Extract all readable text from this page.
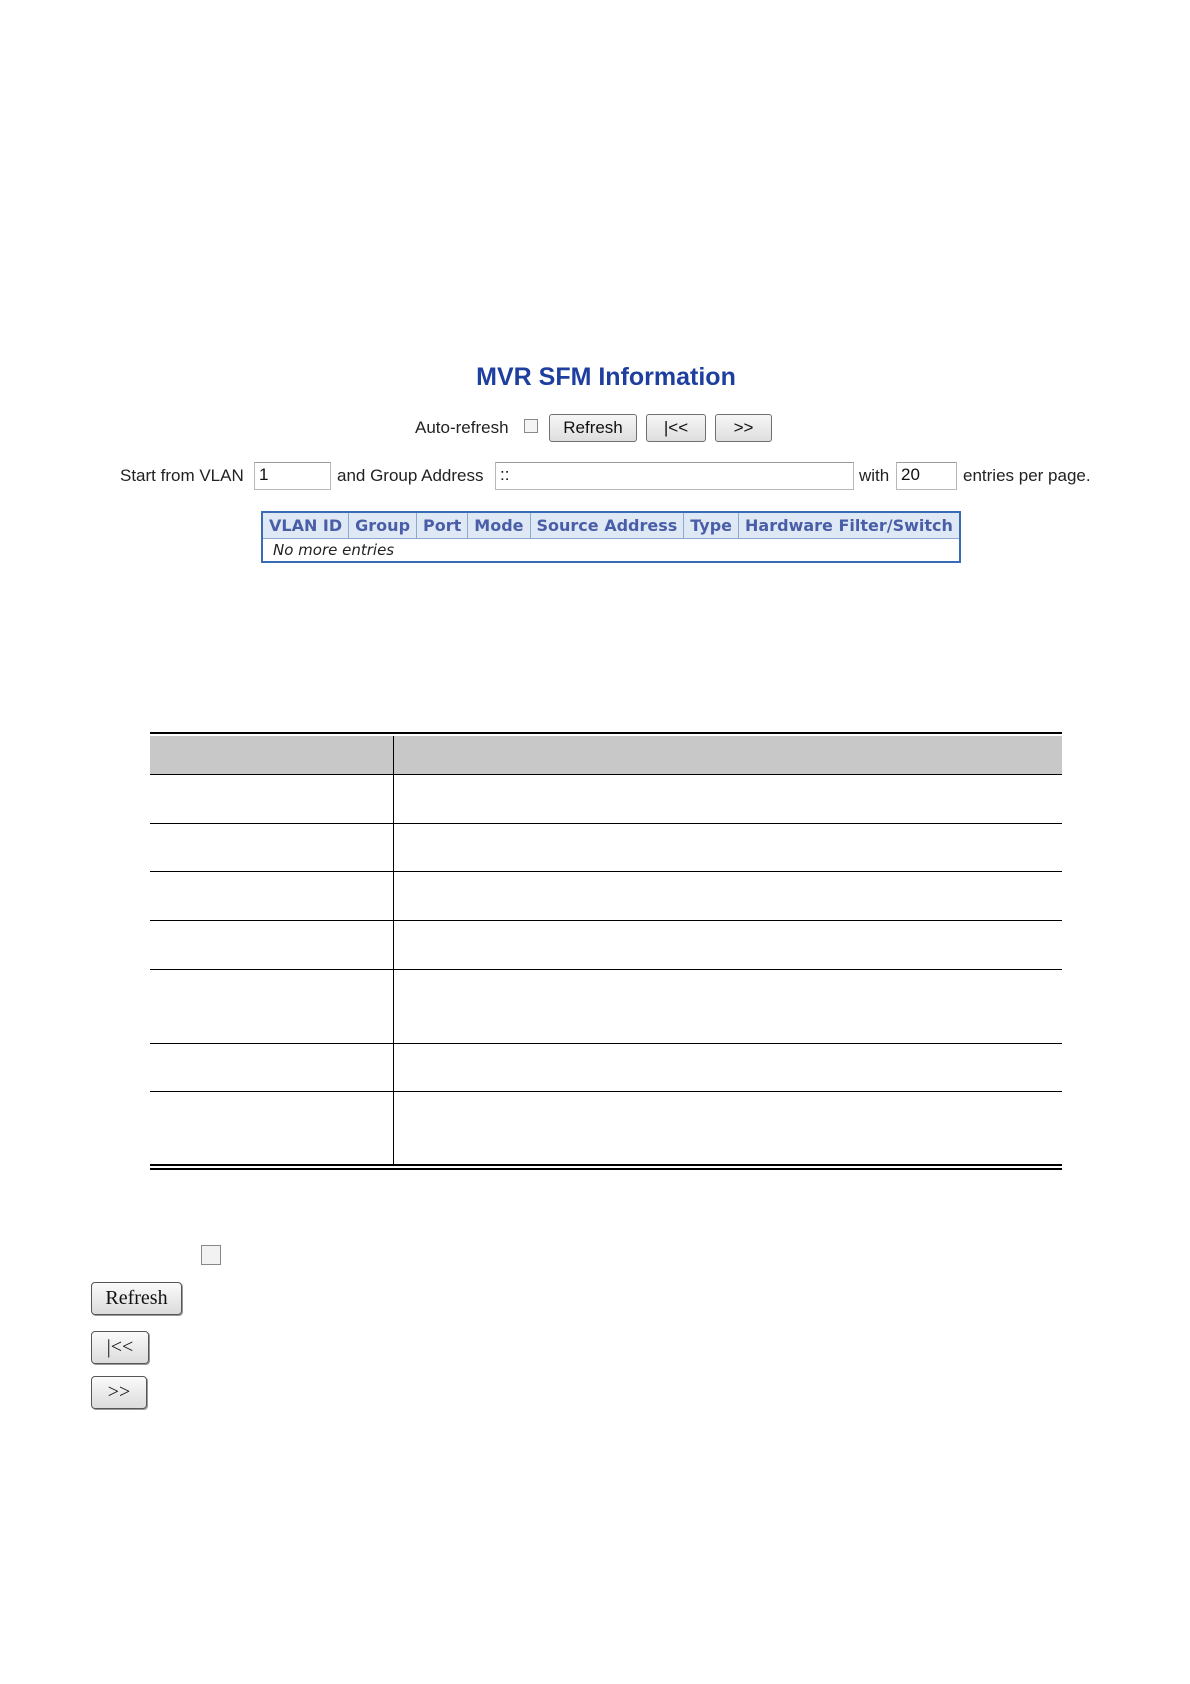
MVR SFM Information
Auto-refresh	Refresh	|<<	>>
Start from VLAN 1	and Group Address ::	with 20	entries per page.
VLAN ID	Group	Port	Mode	Source Address	Type	Hardware Filter/Switch
No more entries
Refresh
|<<
>>
